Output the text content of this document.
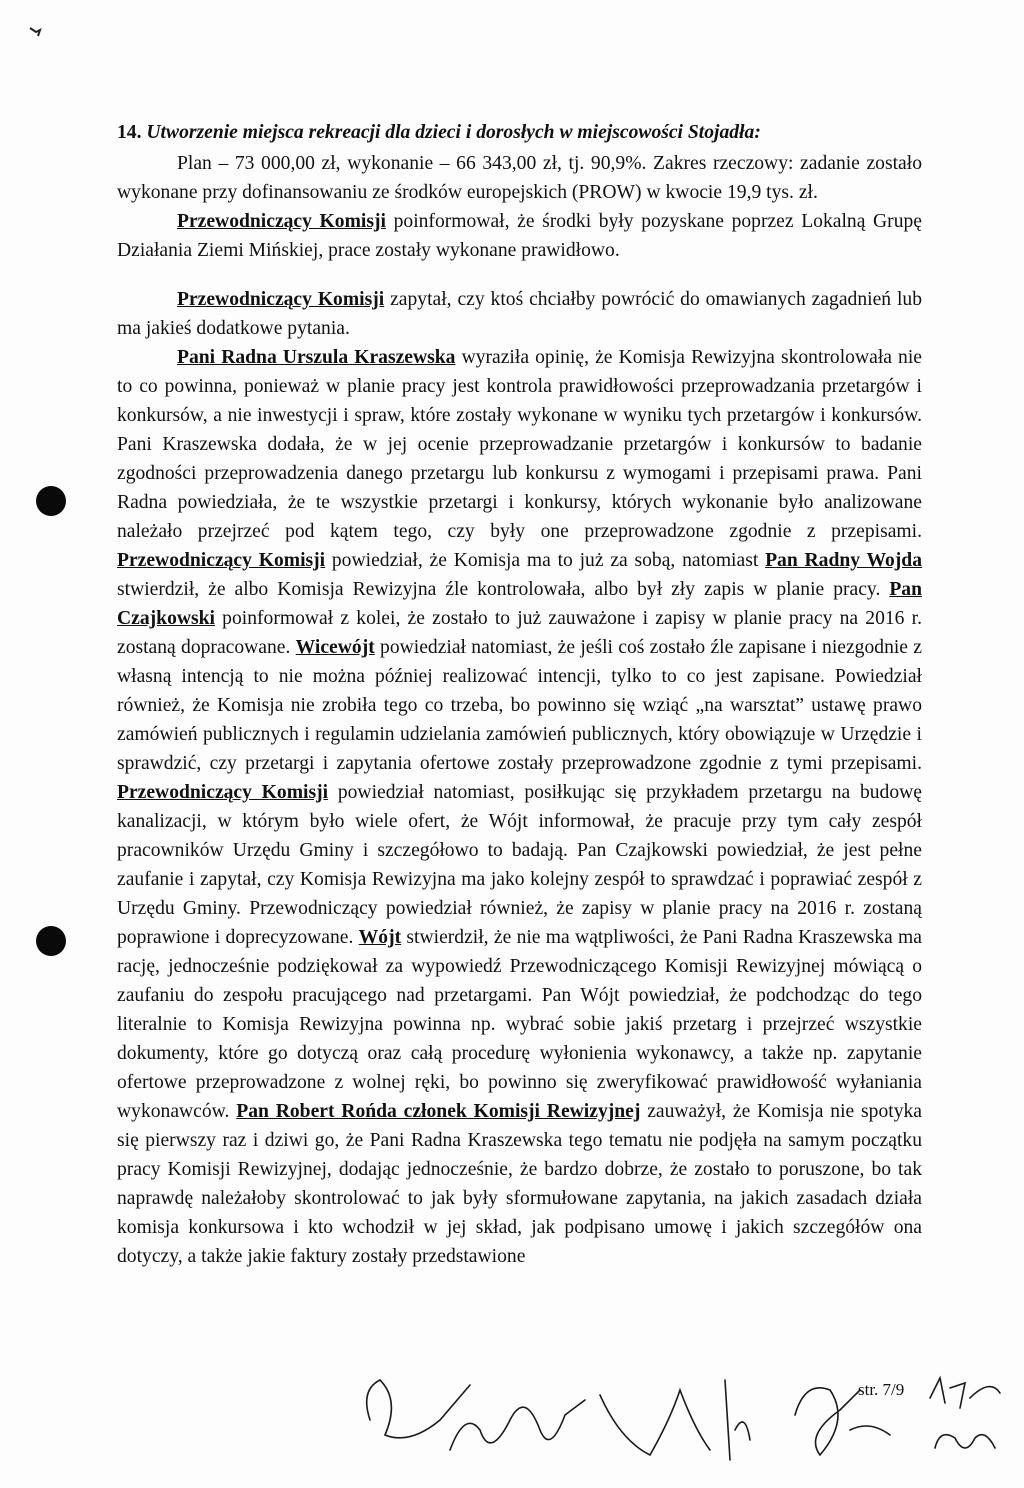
14. Utworzenie miejsca rekreacji dla dzieci i dorosłych w miejscowości Stojadła:

Plan – 73 000,00 zł, wykonanie – 66 343,00 zł, tj. 90,9%. Zakres rzeczowy: zadanie zostało wykonane przy dofinansowaniu ze środków europejskich (PROW) w kwocie 19,9 tys. zł.

Przewodniczący Komisji poinformował, że środki były pozyskane poprzez Lokalną Grupę Działania Ziemi Mińskiej, prace zostały wykonane prawidłowo.

Przewodniczący Komisji zapytał, czy ktoś chciałby powrócić do omawianych zagadnień lub ma jakieś dodatkowe pytania.

Pani Radna Urszula Kraszewska wyraziła opinię, że Komisja Rewizyjna skontrolowała nie to co powinna, ponieważ w planie pracy jest kontrola prawidłowości przeprowadzania przetargów i konkursów, a nie inwestycji i spraw, które zostały wykonane w wyniku tych przetargów i konkursów. Pani Kraszewska dodała, że w jej ocenie przeprowadzanie przetargów i konkursów to badanie zgodności przeprowadzenia danego przetargu lub konkursu z wymogami i przepisami prawa. Pani Radna powiedziała, że te wszystkie przetargi i konkursy, których wykonanie było analizowane należało przejrzeć pod kątem tego, czy były one przeprowadzone zgodnie z przepisami. Przewodniczący Komisji powiedział, że Komisja ma to już za sobą, natomiast Pan Radny Wojda stwierdził, że albo Komisja Rewizyjna źle kontrolowała, albo był zły zapis w planie pracy. Pan Czajkowski poinformował z kolei, że zostało to już zauważone i zapisy w planie pracy na 2016 r. zostaną dopracowane. Wicewójt powiedział natomiast, że jeśli coś zostało źle zapisane i niezgodnie z własną intencją to nie można później realizować intencji, tylko to co jest zapisane. Powiedział również, że Komisja nie zrobiła tego co trzeba, bo powinno się wziąć „na warsztat” ustawę prawo zamówień publicznych i regulamin udzielania zamówień publicznych, który obowiązuje w Urzędzie i sprawdzić, czy przetargi i zapytania ofertowe zostały przeprowadzone zgodnie z tymi przepisami. Przewodniczący Komisji powiedział natomiast, posiłkując się przykładem przetargu na budowę kanalizacji, w którym było wiele ofert, że Wójt informował, że pracuje przy tym cały zespół pracowników Urzędu Gminy i szczegółowo to badają. Pan Czajkowski powiedział, że jest pełne zaufanie i zapytał, czy Komisja Rewizyjna ma jako kolejny zespół to sprawdzać i poprawiać zespół z Urzędu Gminy. Przewodniczący powiedział również, że zapisy w planie pracy na 2016 r. zostaną poprawione i doprecyzowane. Wójt stwierdził, że nie ma wątpliwości, że Pani Radna Kraszewska ma rację, jednocześnie podziękował za wypowiedź Przewodniczącego Komisji Rewizyjnej mówiącą o zaufaniu do zespołu pracującego nad przetargami. Pan Wójt powiedział, że podchodząc do tego literalnie to Komisja Rewizyjna powinna np. wybrać sobie jakiś przetarg i przejrzeć wszystkie dokumenty, które go dotyczą oraz całą procedurę wyłonienia wykonawcy, a także np. zapytanie ofertowe przeprowadzone z wolnej ręki, bo powinno się zweryfikować prawidłowość wyłaniania wykonawców. Pan Robert Rońda członek Komisji Rewizyjnej zauważył, że Komisja nie spotyka się pierwszy raz i dziwi go, że Pani Radna Kraszewska tego tematu nie podjęła na samym początku pracy Komisji Rewizyjnej, dodając jednocześnie, że bardzo dobrze, że zostało to poruszone, bo tak naprawdę należałoby skontrolować to jak były sformułowane zapytania, na jakich zasadach działa komisja konkursowa i kto wchodził w jej skład, jak podpisano umowę i jakich szczegółów ona dotyczy, a także jakie faktury zostały przedstawione

str. 7/9
